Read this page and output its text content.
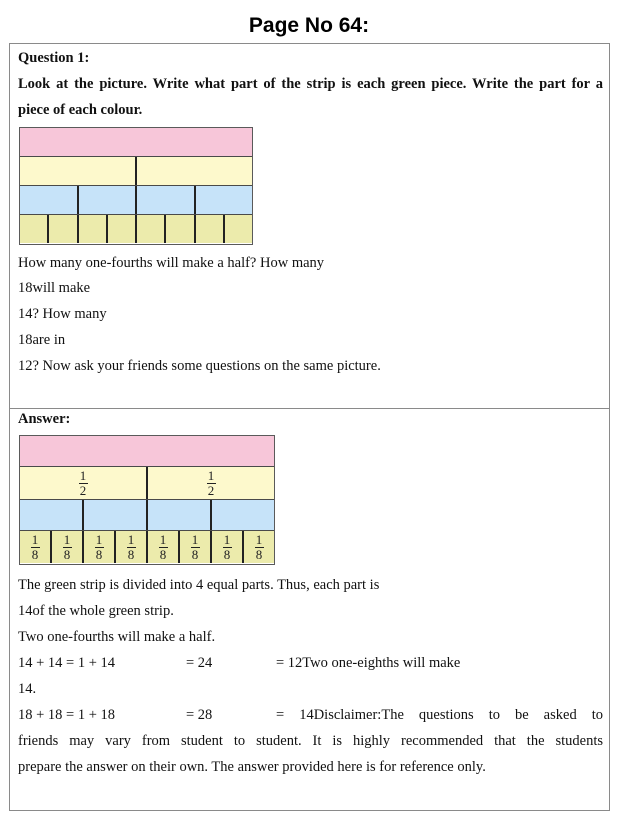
Page No 64:
Question 1:
Look at the picture. Write what part of the strip is each green piece. Write the part for a
piece of each colour.
How many one-fourths will make a half? How many
18will make
14? How many
18are in
12? Now ask your friends some questions on the same picture.
Answer:
$\frac{1}{2}$	$\frac{1}{2}$
$\frac{1}{8} \frac{1}{8} \frac{1}{8} \frac{1}{8} \frac{1}{8} \frac{1}{8} \frac{1}{8} \frac{1}{8}$
The green strip is divided into 4 equal parts. Thus, each part is
14of the whole green strip.
Two one-fourths will make a half.
14 + 14 = 1 + 14	= 24	= 12Two one-eighths will make
14.
18 + 18 = 1 + 18	= 28	= 14Disclaimer:The questions to be asked to
friends may vary from student to student. It is highly recommended that the students
prepare the answer on their own. The answer provided here is for reference only.
